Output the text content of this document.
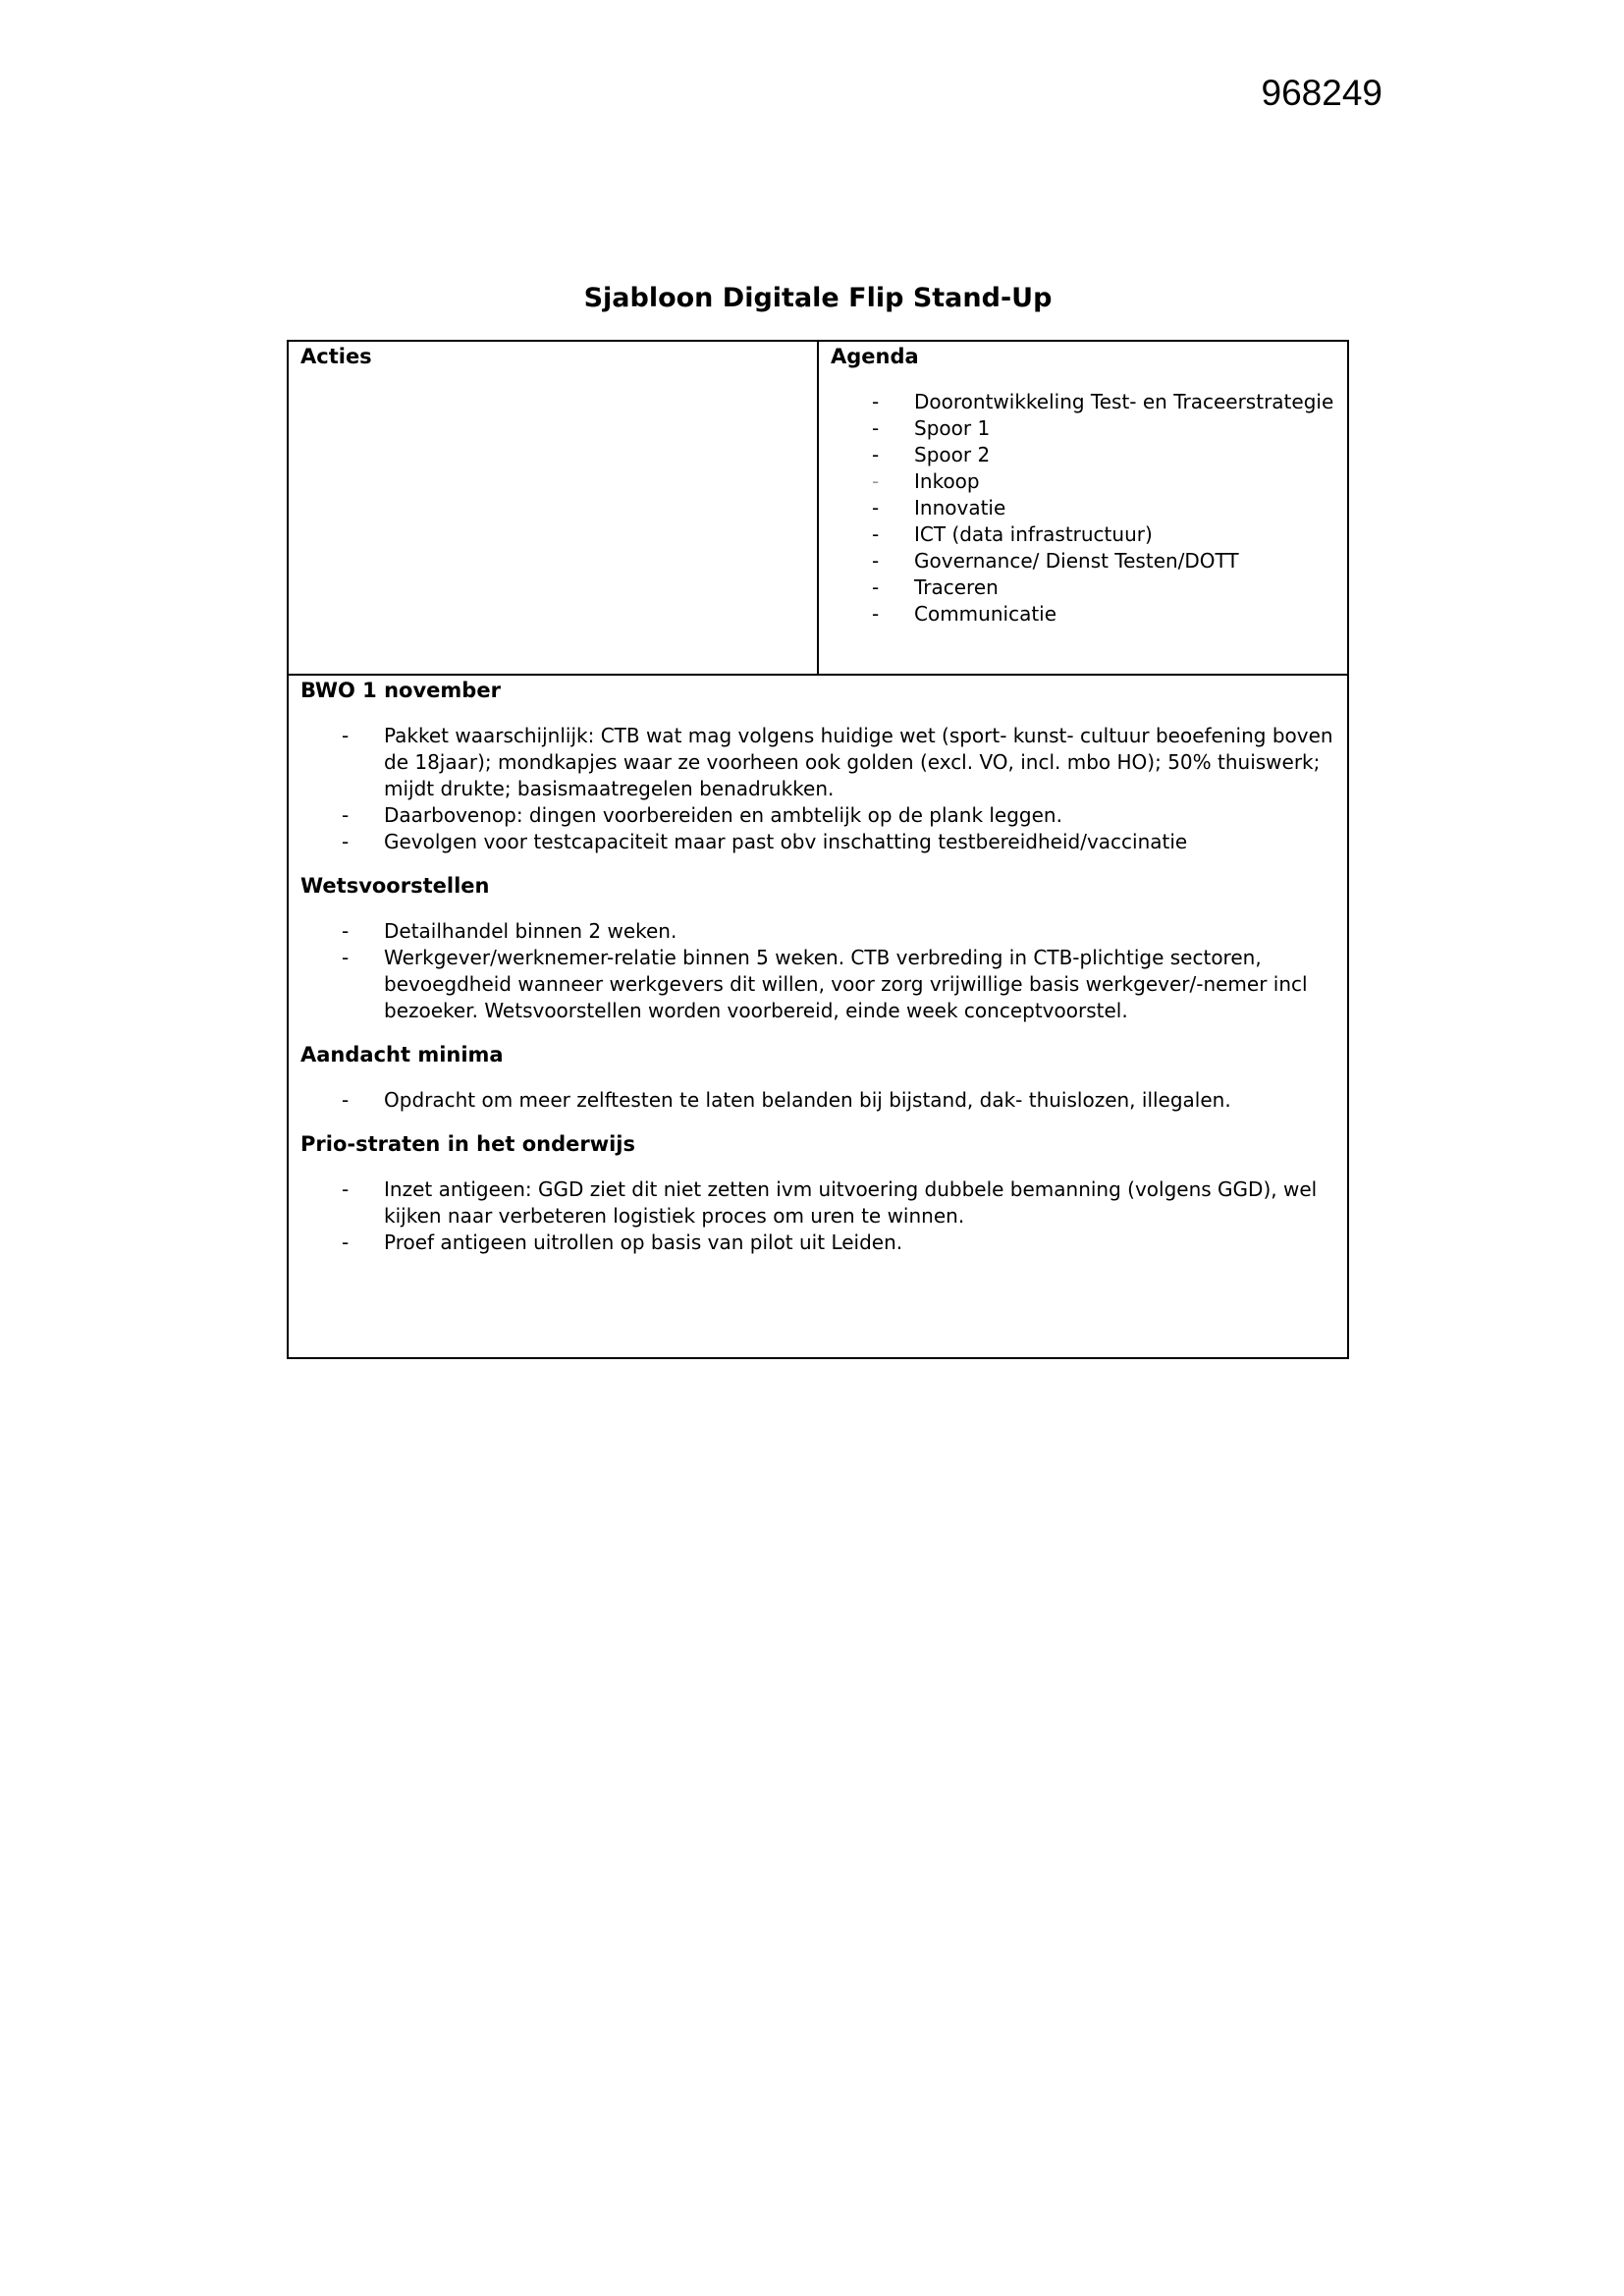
968249
Sjabloon Digitale Flip Stand-Up

Acties	Agenda

- Doorontwikkeling Test- en Traceerstrategie
- Spoor 1
- Spoor 2
- Inkoop
- Innovatie
- ICT (data infrastructuur)
- Governance/ Dienst Testen/DOTT
- Traceren
- Communicatie

BWO 1 november

- Pakket waarschijnlijk: CTB wat mag volgens huidige wet (sport- kunst- cultuur beoefening boven de 18jaar); mondkapjes waar ze voorheen ook golden (excl. VO, incl. mbo HO); 50% thuiswerk; mijdt drukte; basismaatregelen benadrukken.
- Daarbovenop: dingen voorbereiden en ambtelijk op de plank leggen.
- Gevolgen voor testcapaciteit maar past obv inschatting testbereidheid/vaccinatie

Wetsvoorstellen

- Detailhandel binnen 2 weken.
- Werkgever/werknemer-relatie binnen 5 weken. CTB verbreding in CTB-plichtige sectoren, bevoegdheid wanneer werkgevers dit willen, voor zorg vrijwillige basis werkgever/-nemer incl bezoeker. Wetsvoorstellen worden voorbereid, einde week conceptvoorstel.

Aandacht minima

- Opdracht om meer zelftesten te laten belanden bij bijstand, dak- thuislozen, illegalen.

Prio-straten in het onderwijs

- Inzet antigeen: GGD ziet dit niet zetten ivm uitvoering dubbele bemanning (volgens GGD), wel kijken naar verbeteren logistiek proces om uren te winnen.
- Proef antigeen uitrollen op basis van pilot uit Leiden.
